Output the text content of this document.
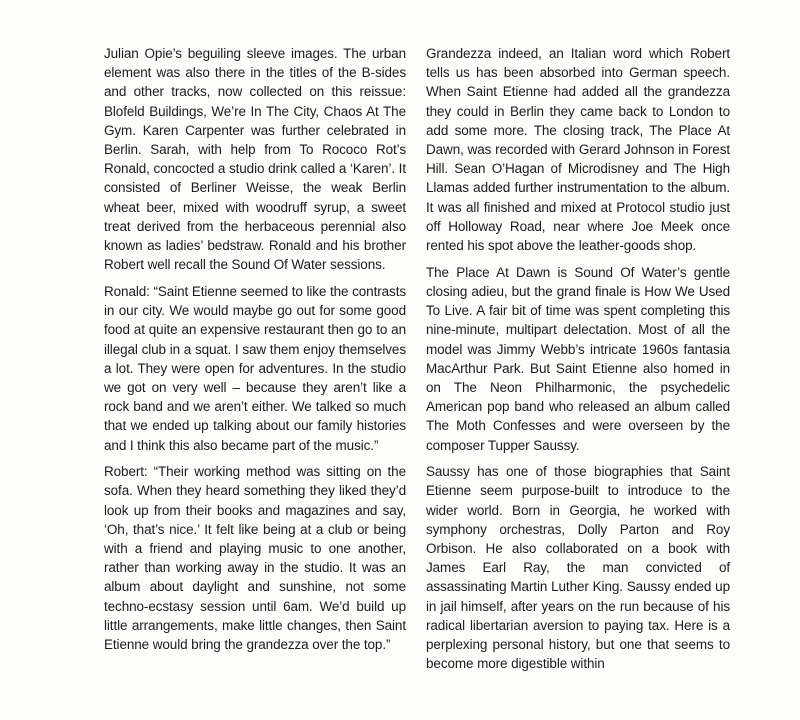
Julian Opie’s beguiling sleeve images. The urban element was also there in the titles of the B-sides and other tracks, now collected on this reissue: Blofeld Buildings, We’re In The City, Chaos At The Gym. Karen Carpenter was further celebrated in Berlin. Sarah, with help from To Rococo Rot’s Ronald, concocted a studio drink called a ‘Karen’. It consisted of Berliner Weisse, the weak Berlin wheat beer, mixed with woodruff syrup, a sweet treat derived from the herbaceous perennial also known as ladies’ bedstraw. Ronald and his brother Robert well recall the Sound Of Water sessions.

Ronald: “Saint Etienne seemed to like the contrasts in our city. We would maybe go out for some good food at quite an expensive restaurant then go to an illegal club in a squat. I saw them enjoy themselves a lot. They were open for adventures. In the studio we got on very well – because they aren’t like a rock band and we aren’t either. We talked so much that we ended up talking about our family histories and I think this also became part of the music.”

Robert: “Their working method was sitting on the sofa. When they heard something they liked they’d look up from their books and magazines and say, ‘Oh, that’s nice.’ It felt like being at a club or being with a friend and playing music to one another, rather than working away in the studio. It was an album about daylight and sunshine, not some techno-ecstasy session until 6am. We’d build up little arrangements, make little changes, then Saint Etienne would bring the grandezza over the top.”

Grandezza indeed, an Italian word which Robert tells us has been absorbed into German speech. When Saint Etienne had added all the grandezza they could in Berlin they came back to London to add some more. The closing track, The Place At Dawn, was recorded with Gerard Johnson in Forest Hill. Sean O’Hagan of Microdisney and The High Llamas added further instrumentation to the album. It was all finished and mixed at Protocol studio just off Holloway Road, near where Joe Meek once rented his spot above the leather-goods shop.

The Place At Dawn is Sound Of Water’s gentle closing adieu, but the grand finale is How We Used To Live. A fair bit of time was spent completing this nine-minute, multipart delectation. Most of all the model was Jimmy Webb’s intricate 1960s fantasia MacArthur Park. But Saint Etienne also homed in on The Neon Philharmonic, the psychedelic American pop band who released an album called The Moth Confesses and were overseen by the composer Tupper Saussy.

Saussy has one of those biographies that Saint Etienne seem purpose-built to introduce to the wider world. Born in Georgia, he worked with symphony orchestras, Dolly Parton and Roy Orbison. He also collaborated on a book with James Earl Ray, the man convicted of assassinating Martin Luther King. Saussy ended up in jail himself, after years on the run because of his radical libertarian aversion to paying tax. Here is a perplexing personal history, but one that seems to become more digestible within
